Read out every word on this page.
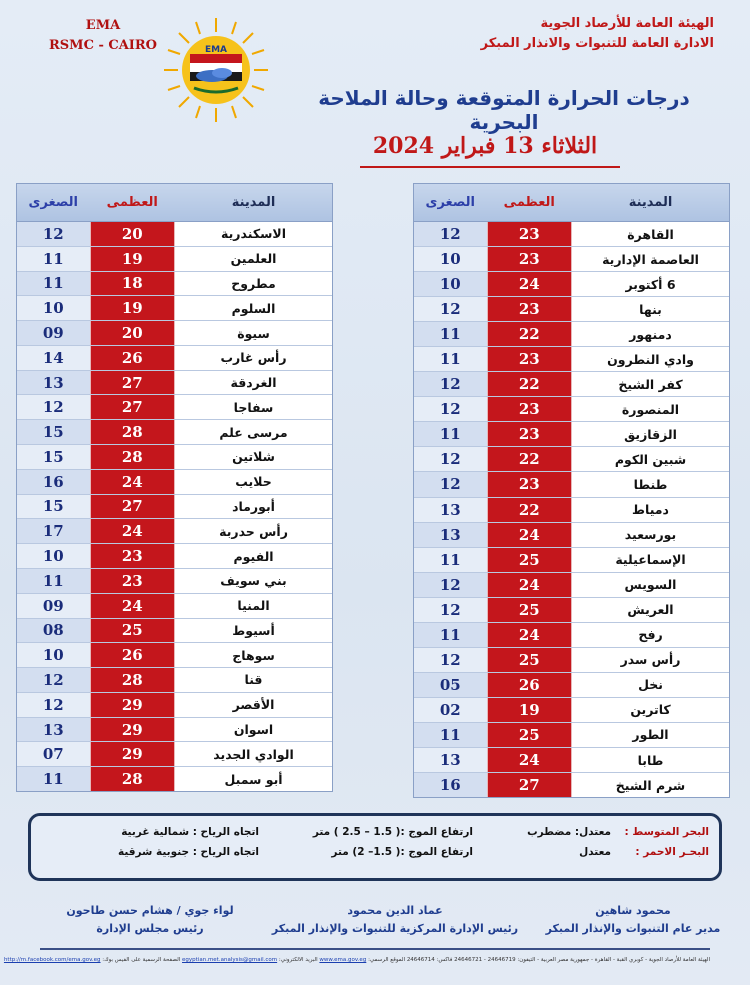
EMA
RSMC - CAIRO	EMA
الهيئة العامة للأرصاد الجوية
الادارة العامة للتنبوات والانذار المبكر
درجات الحرارة المتوقعة وحالة الملاحة البحرية
الثلاثاء 13 فبراير 2024
المدينة
العظمى
الصغرى
القاهرة
23
12
العاصمة الإدارية
23
10
6 أكتوبر
24
10
بنها
23
12
دمنهور
22
11
وادي النطرون
23
11
كفر الشيخ
22
12
المنصورة
23
12
الزقازيق
23
11
شبين الكوم
22
12
طنطا
23
12
دمياط
22
13
بورسعيد
24
13
الإسماعيلية
25
11
السويس
24
12
العريش
25
12
رفح
24
11
رأس سدر
25
12
نخل
26
05
كاترين
19
02
الطور
25
11
طابا
24
13
شرم الشيخ
27
16
المدينة
العظمى
الصغرى
الاسكندرية
20
12
العلمين
19
11
مطروح
18
11
السلوم
19
10
سيوة
20
09
رأس غارب
26
14
الغردقة
27
13
سفاجا
27
12
مرسى علم
28
15
شلاتين
28
15
حلايب
24
16
أبورماد
27
15
رأس حدربة
24
17
الفيوم
23
10
بني سويف
23
11
المنيا
24
09
أسيوط
25
08
سوهاج
26
10
قنا
28
12
الأقصر
29
12
اسوان
29
13
الوادي الجديد
29
07
أبو سمبل
28
11
البحر المتوسط :
معتدل: مضطرب
ارتفاع الموج :( 1.5 – 2.5 ) متر
اتجاه الرياح : شمالية غربية
البحـر الاحمر :
معتدل
ارتفاع الموج :( 1.5– 2) متر
اتجاه الرياح : جنوبية شرقية
محمود شاهين
مدير عام التنبوات والإنذار المبكر
عماد الدين محمود
رئيس الإدارة المركزية للتنبوات والإنذار المبكر
لواء جوي / هشام حسن طاحون
رئيس مجلس الإدارة
الهيئة العامة للأرصاد الجوية - كوبري القبة - القاهرة - جمهورية مصر العربية - التيفون: 24646719 - 24646721 فاكس: 24646714 الموقع الرسمي: www.ema.gov.eg البريد الالكتروني: egyptian.met.analysis@gmail.com الصفحة الرسمية على الفيس بوك: http://m.facebook.com/ema.gov.eg
